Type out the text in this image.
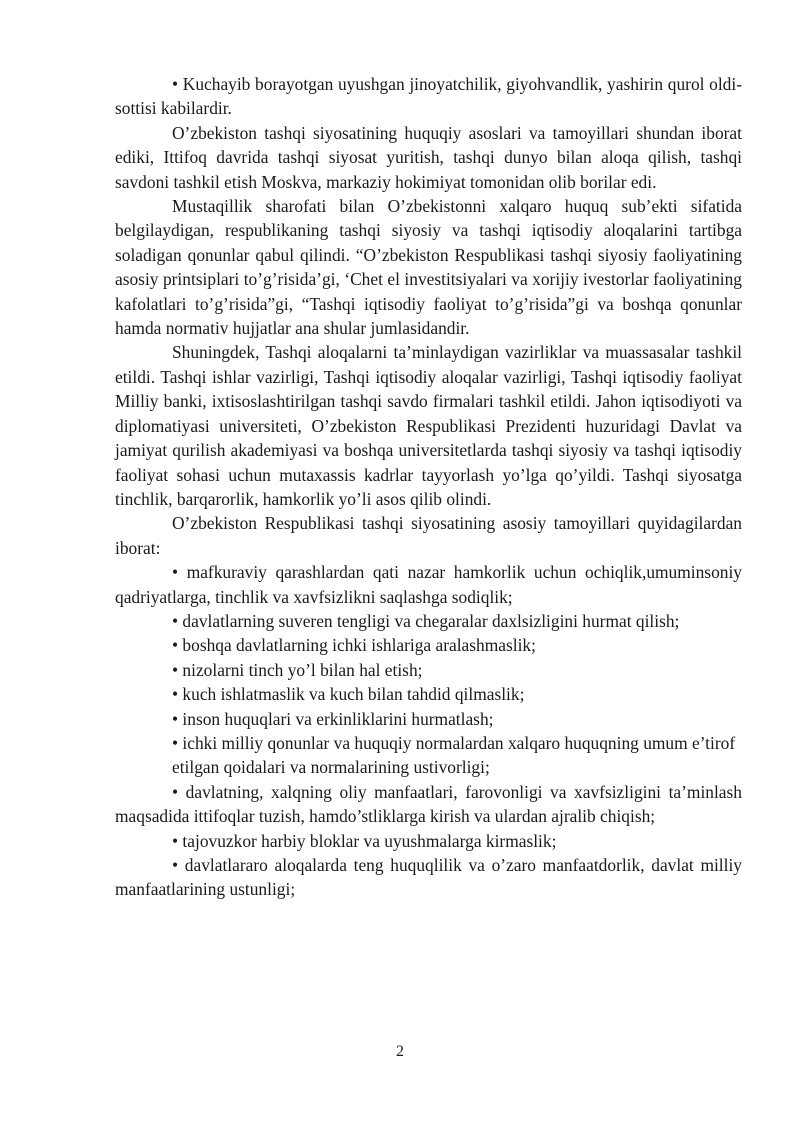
• Kuchayib borayotgan uyushgan jinoyatchilik, giyohvandlik, yashirin qurol oldi-sottisi kabilardir.

O’zbekiston tashqi siyosatining huquqiy asoslari va tamoyillari shundan iborat ediki, Ittifoq davrida tashqi siyosat yuritish, tashqi dunyo bilan aloqa qilish, tashqi savdoni tashkil etish Moskva, markaziy hokimiyat tomonidan olib borilar edi.

Mustaqillik sharofati bilan O’zbekistonni xalqaro huquq sub’ekti sifatida belgilaydigan, respublikaning tashqi siyosiy va tashqi iqtisodiy aloqalarini tartibga soladigan qonunlar qabul qilindi. “O’zbekiston Respublikasi tashqi siyosiy faoliyatining asosiy printsiplari to’g’risida’gi, ‘Chet el investitsiyalari va xorijiy ivestorlar faoliyatining kafolatlari to’g’risida”gi, “Tashqi iqtisodiy faoliyat to’g’risida”gi va boshqa qonunlar hamda normativ hujjatlar ana shular jumlasidandir.

Shuningdek, Tashqi aloqalarni ta’minlaydigan vazirliklar va muassasalar tashkil etildi. Tashqi ishlar vazirligi, Tashqi iqtisodiy aloqalar vazirligi, Tashqi iqtisodiy faoliyat Milliy banki, ixtisoslashtirilgan tashqi savdo firmalari tashkil etildi. Jahon iqtisodiyoti va diplomatiyasi universiteti, O’zbekiston Respublikasi Prezidenti huzuridagi Davlat va jamiyat qurilish akademiyasi va boshqa universitetlarda tashqi siyosiy va tashqi iqtisodiy faoliyat sohasi uchun mutaxassis kadrlar tayyorlash yo’lga qo’yildi. Tashqi siyosatga tinchlik, barqarorlik, hamkorlik yo’li asos qilib olindi.

O’zbekiston Respublikasi tashqi siyosatining asosiy tamoyillari quyidagilardan iborat:

• mafkuraviy qarashlardan qati nazar hamkorlik uchun ochiqlik,umuminsoniy qadriyatlarga, tinchlik va xavfsizlikni saqlashga sodiqlik;

• davlatlarning suveren tengligi va chegaralar daxlsizligini hurmat qilish;

• boshqa davlatlarning ichki ishlariga aralashmaslik;

• nizolarni tinch yo’l bilan hal etish;

• kuch ishlatmaslik va kuch bilan tahdid qilmaslik;

• inson huquqlari va erkinliklarini hurmatlash;

• ichki milliy qonunlar va huquqiy normalardan xalqaro huquqning umum e’tirof

etilgan qoidalari va normalarining ustivorligi;

• davlatning, xalqning oliy manfaatlari, farovonligi va xavfsizligini ta’minlash maqsadida ittifoqlar tuzish, hamdo’stliklarga kirish va ulardan ajralib chiqish;

• tajovuzkor harbiy bloklar va uyushmalarga kirmaslik;

• davlatlararo aloqalarda teng huquqlilik va o’zaro manfaatdorlik, davlat milliy manfaatlarining ustunligi;

2
